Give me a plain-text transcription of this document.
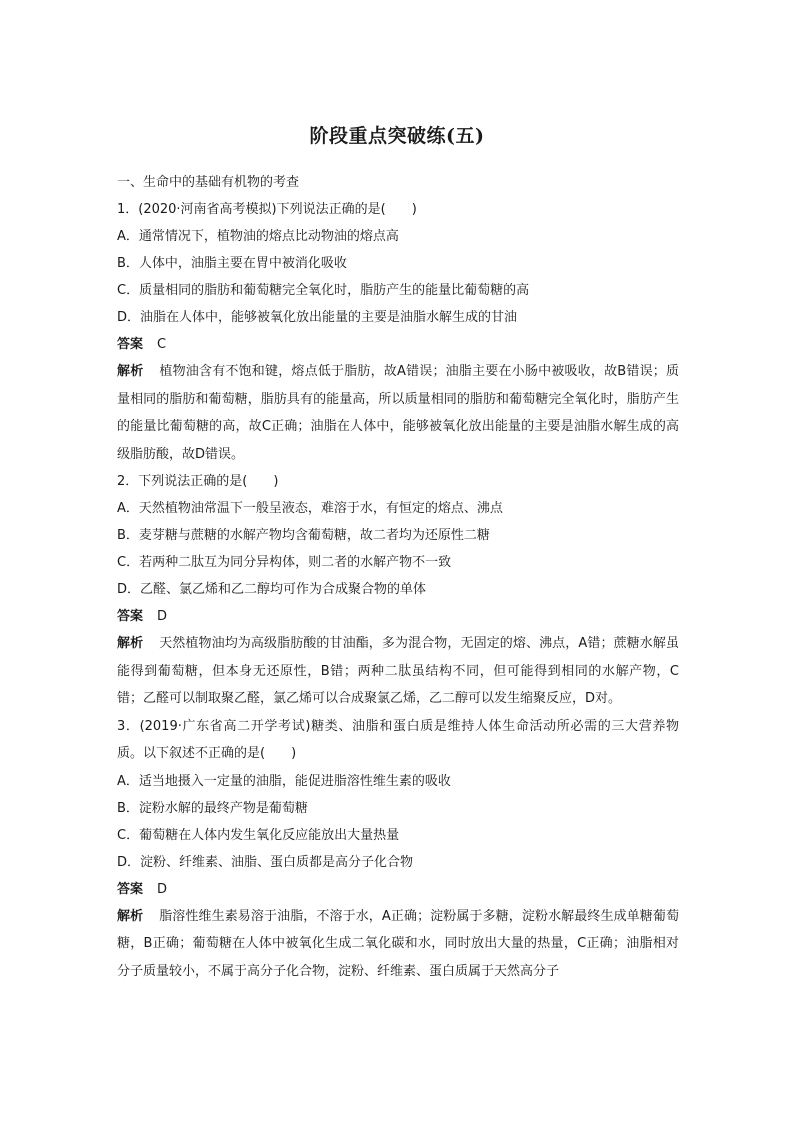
阶段重点突破练(五)
一、生命中的基础有机物的考查
1．(2020·河南省高考模拟)下列说法正确的是(　　)
A．通常情况下，植物油的熔点比动物油的熔点高
B．人体中，油脂主要在胃中被消化吸收
C．质量相同的脂肪和葡萄糖完全氧化时，脂肪产生的能量比葡萄糖的高
D．油脂在人体中，能够被氧化放出能量的主要是油脂水解生成的甘油
答案 C

解析 植物油含有不饱和键，熔点低于脂肪，故A错误；油脂主要在小肠中被吸收，故B错误；质量相同的脂肪和葡萄糖，脂肪具有的能量高，所以质量相同的脂肪和葡萄糖完全氧化时，脂肪产生的能量比葡萄糖的高，故C正确；油脂在人体中，能够被氧化放出能量的主要是油脂水解生成的高级脂肪酸，故D错误。

2．下列说法正确的是(　　)
A．天然植物油常温下一般呈液态，难溶于水，有恒定的熔点、沸点
B．麦芽糖与蔗糖的水解产物均含葡萄糖，故二者均为还原性二糖
C．若两种二肽互为同分异构体，则二者的水解产物不一致
D．乙醛、氯乙烯和乙二醇均可作为合成聚合物的单体
答案 D

解析 天然植物油均为高级脂肪酸的甘油酯，多为混合物，无固定的熔、沸点，A错；蔗糖水解虽能得到葡萄糖，但本身无还原性，B错；两种二肽虽结构不同，但可能得到相同的水解产物，C错；乙醛可以制取聚乙醛，氯乙烯可以合成聚氯乙烯，乙二醇可以发生缩聚反应，D对。

3．(2019·广东省高二开学考试)糖类、油脂和蛋白质是维持人体生命活动所必需的三大营养物质。以下叙述不正确的是(　　)

A．适当地摄入一定量的油脂，能促进脂溶性维生素的吸收
B．淀粉水解的最终产物是葡萄糖
C．葡萄糖在人体内发生氧化反应能放出大量热量
D．淀粉、纤维素、油脂、蛋白质都是高分子化合物
答案 D

解析 脂溶性维生素易溶于油脂，不溶于水，A正确；淀粉属于多糖，淀粉水解最终生成单糖葡萄糖，B正确；葡萄糖在人体中被氧化生成二氧化碳和水，同时放出大量的热量，C正确；油脂相对分子质量较小，不属于高分子化合物，淀粉、纤维素、蛋白质属于天然高分子
